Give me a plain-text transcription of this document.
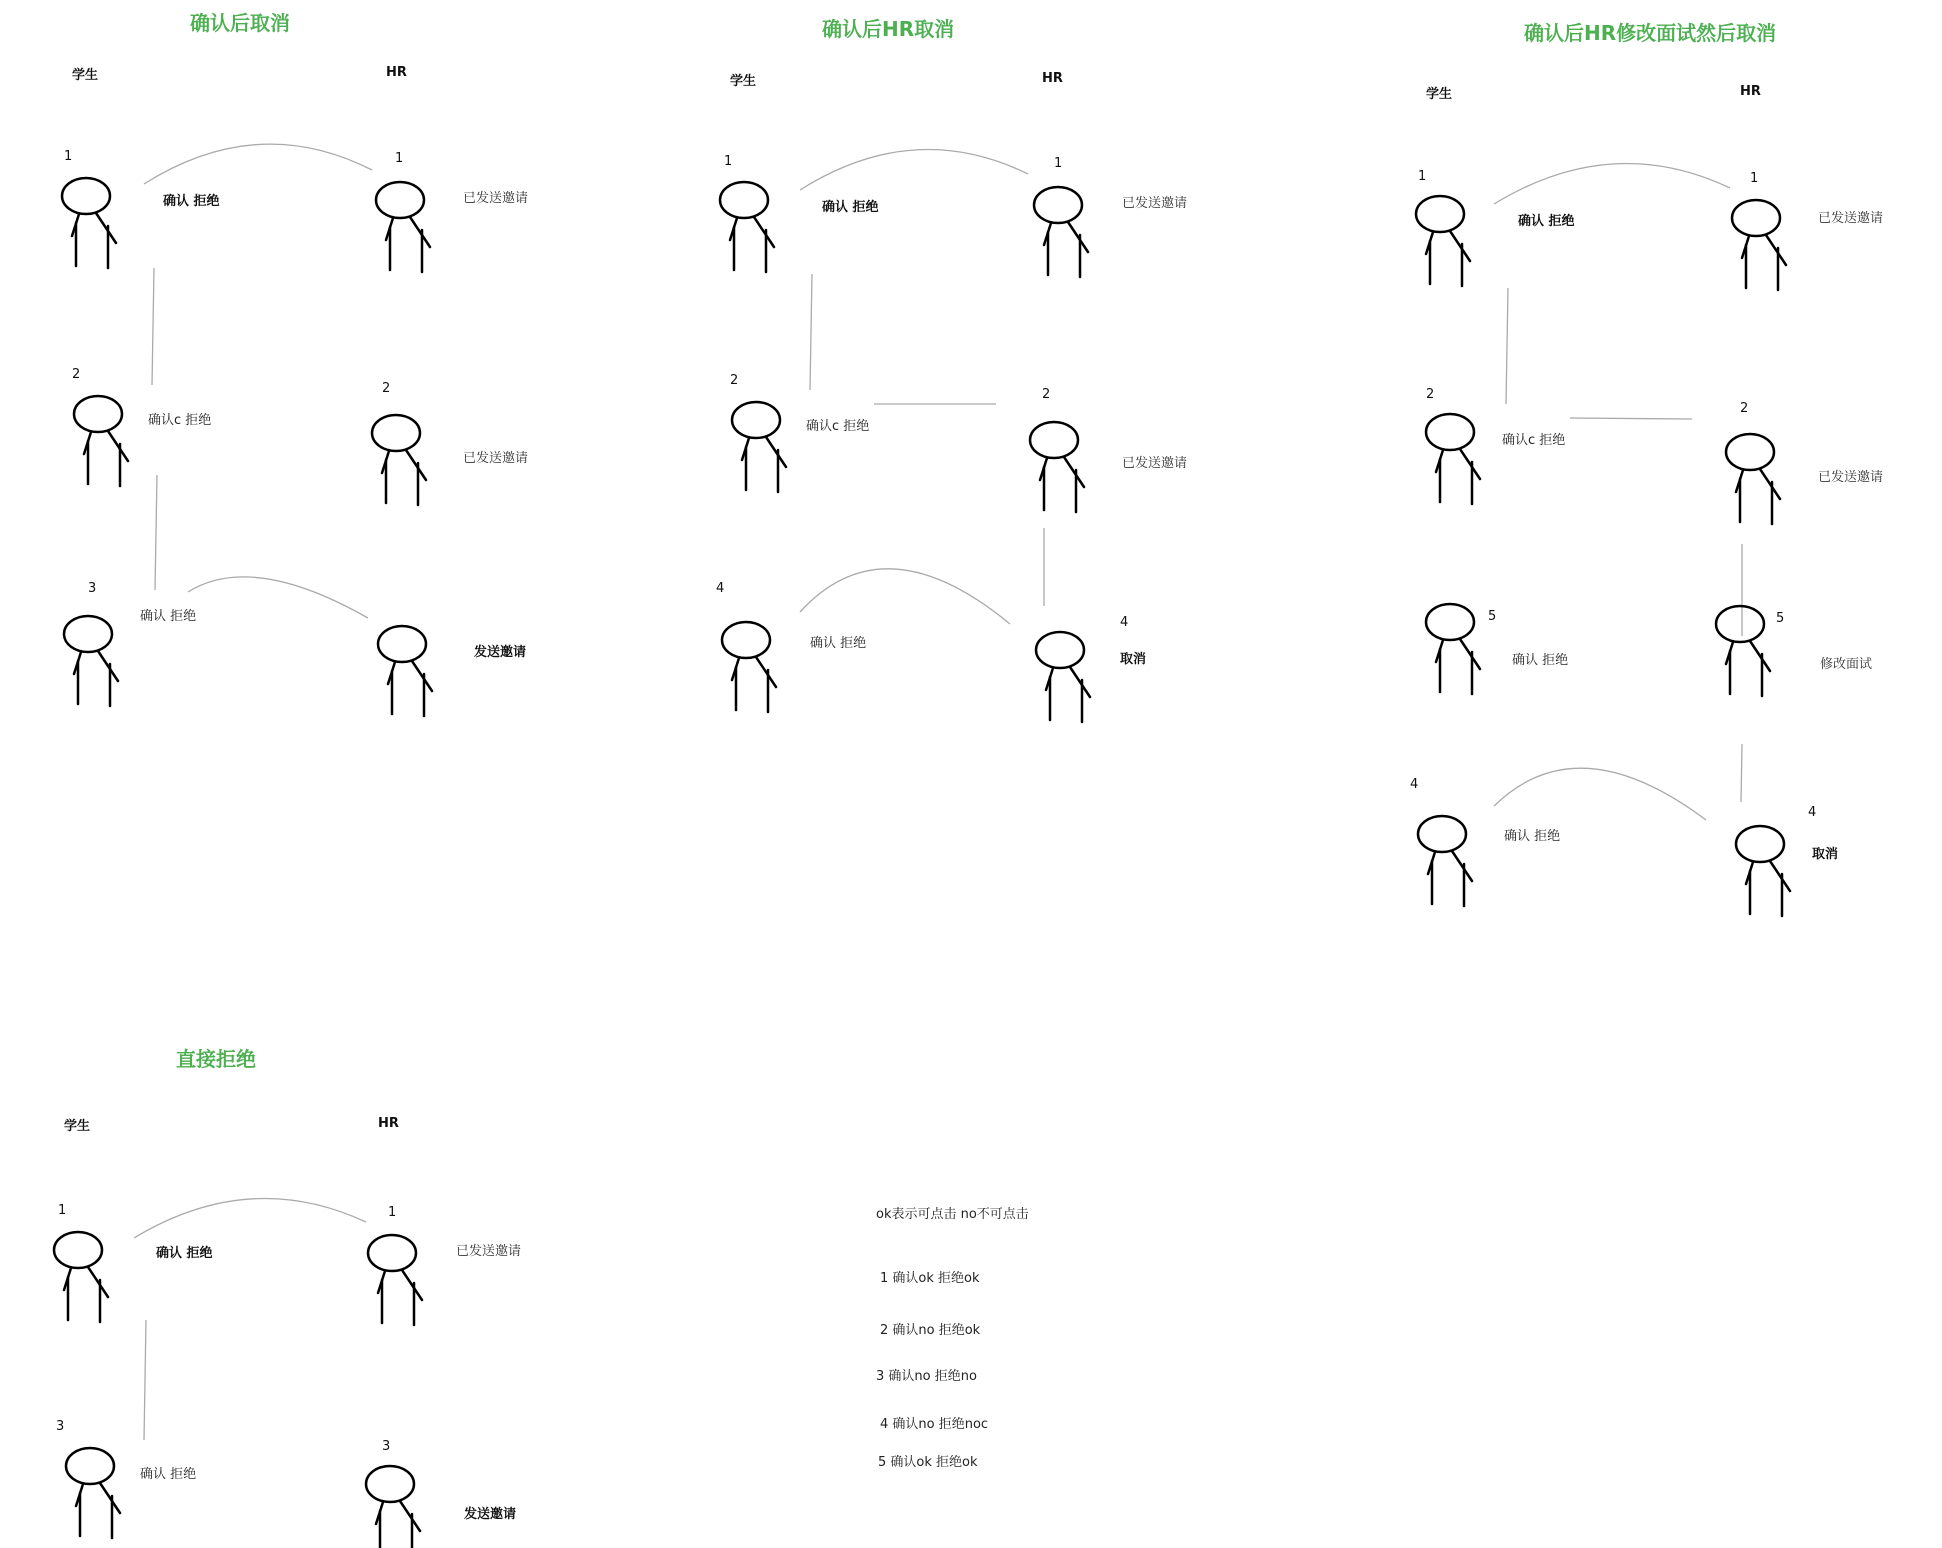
确认后取消
学生	HR
1
确认 拒绝
1
已发送邀请
2
确认c 拒绝
2
已发送邀请
3
确认 拒绝
发送邀请
确认后HR取消
学生	HR
1
确认 拒绝
1
已发送邀请
2
确认c 拒绝
2
已发送邀请
4
确认 拒绝
4
取消
确认后HR修改面试然后取消
学生	HR
1
确认 拒绝
1
已发送邀请
2
确认c 拒绝
2
已发送邀请
5
确认 拒绝
5
修改面试
4
确认 拒绝
4
取消
直接拒绝
学生	HR
1
确认 拒绝
1
已发送邀请
3
确认 拒绝
3
发送邀请
ok表示可点击 no不可点击
1 确认ok 拒绝ok
2 确认no 拒绝ok
3 确认no 拒绝no
4 确认no 拒绝noc
5 确认ok 拒绝ok
